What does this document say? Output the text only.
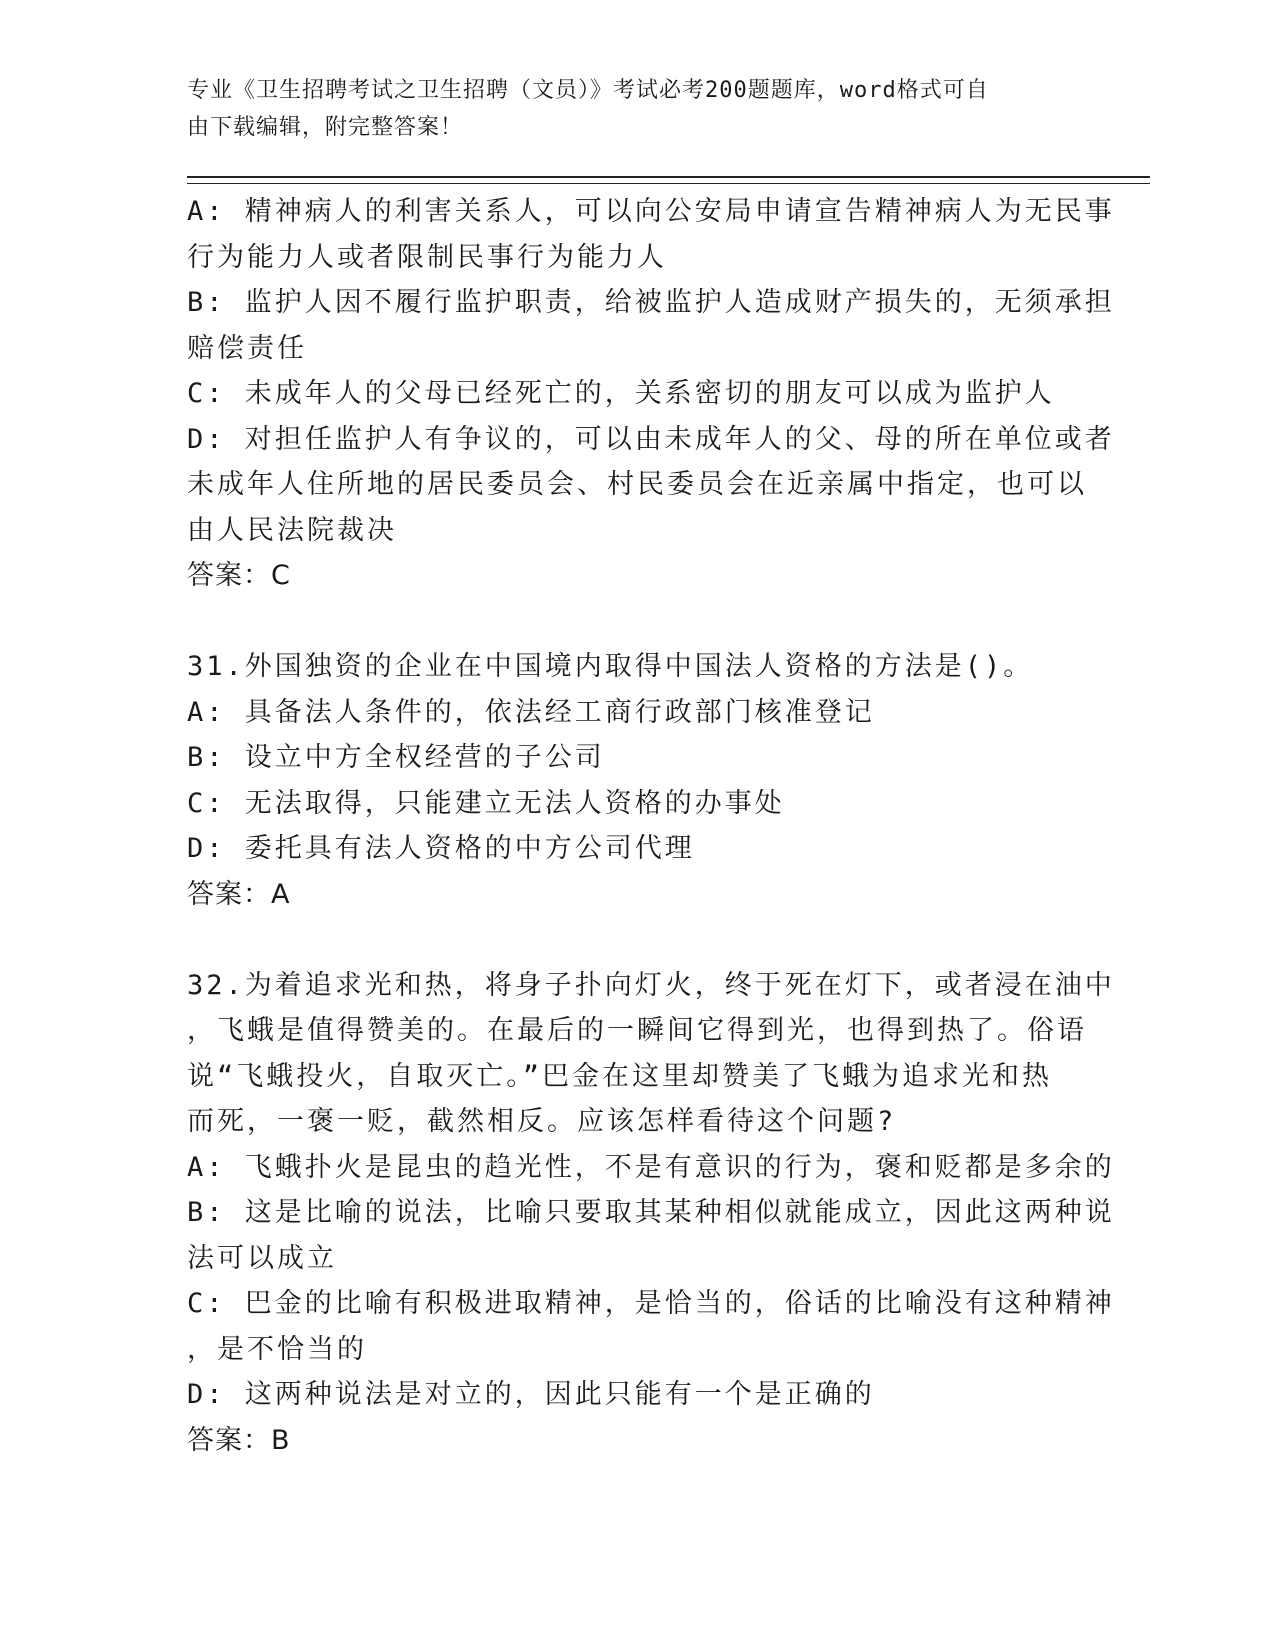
专业《卫生招聘考试之卫生招聘（文员）》考试必考200题题库，word格式可自
由下载编辑，附完整答案！
A: 精神病人的利害关系人，可以向公安局申请宣告精神病人为无民事
行为能力人或者限制民事行为能力人
B: 监护人因不履行监护职责，给被监护人造成财产损失的，无须承担
赔偿责任
C: 未成年人的父母已经死亡的，关系密切的朋友可以成为监护人
D: 对担任监护人有争议的，可以由未成年人的父、母的所在单位或者
未成年人住所地的居民委员会、村民委员会在近亲属中指定，也可以
由人民法院裁决
答案：C
31.外国独资的企业在中国境内取得中国法人资格的方法是()。
A: 具备法人条件的，依法经工商行政部门核准登记
B: 设立中方全权经营的子公司
C: 无法取得，只能建立无法人资格的办事处
D: 委托具有法人资格的中方公司代理
答案：A
32.为着追求光和热，将身子扑向灯火，终于死在灯下，或者浸在油中
，飞蛾是值得赞美的。在最后的一瞬间它得到光，也得到热了。俗语
说“飞蛾投火，自取灭亡。”巴金在这里却赞美了飞蛾为追求光和热
而死，一褒一贬，截然相反。应该怎样看待这个问题?
A: 飞蛾扑火是昆虫的趋光性，不是有意识的行为，褒和贬都是多余的
B: 这是比喻的说法，比喻只要取其某种相似就能成立，因此这两种说
法可以成立
C: 巴金的比喻有积极进取精神，是恰当的，俗话的比喻没有这种精神
，是不恰当的
D: 这两种说法是对立的，因此只能有一个是正确的
答案：B
